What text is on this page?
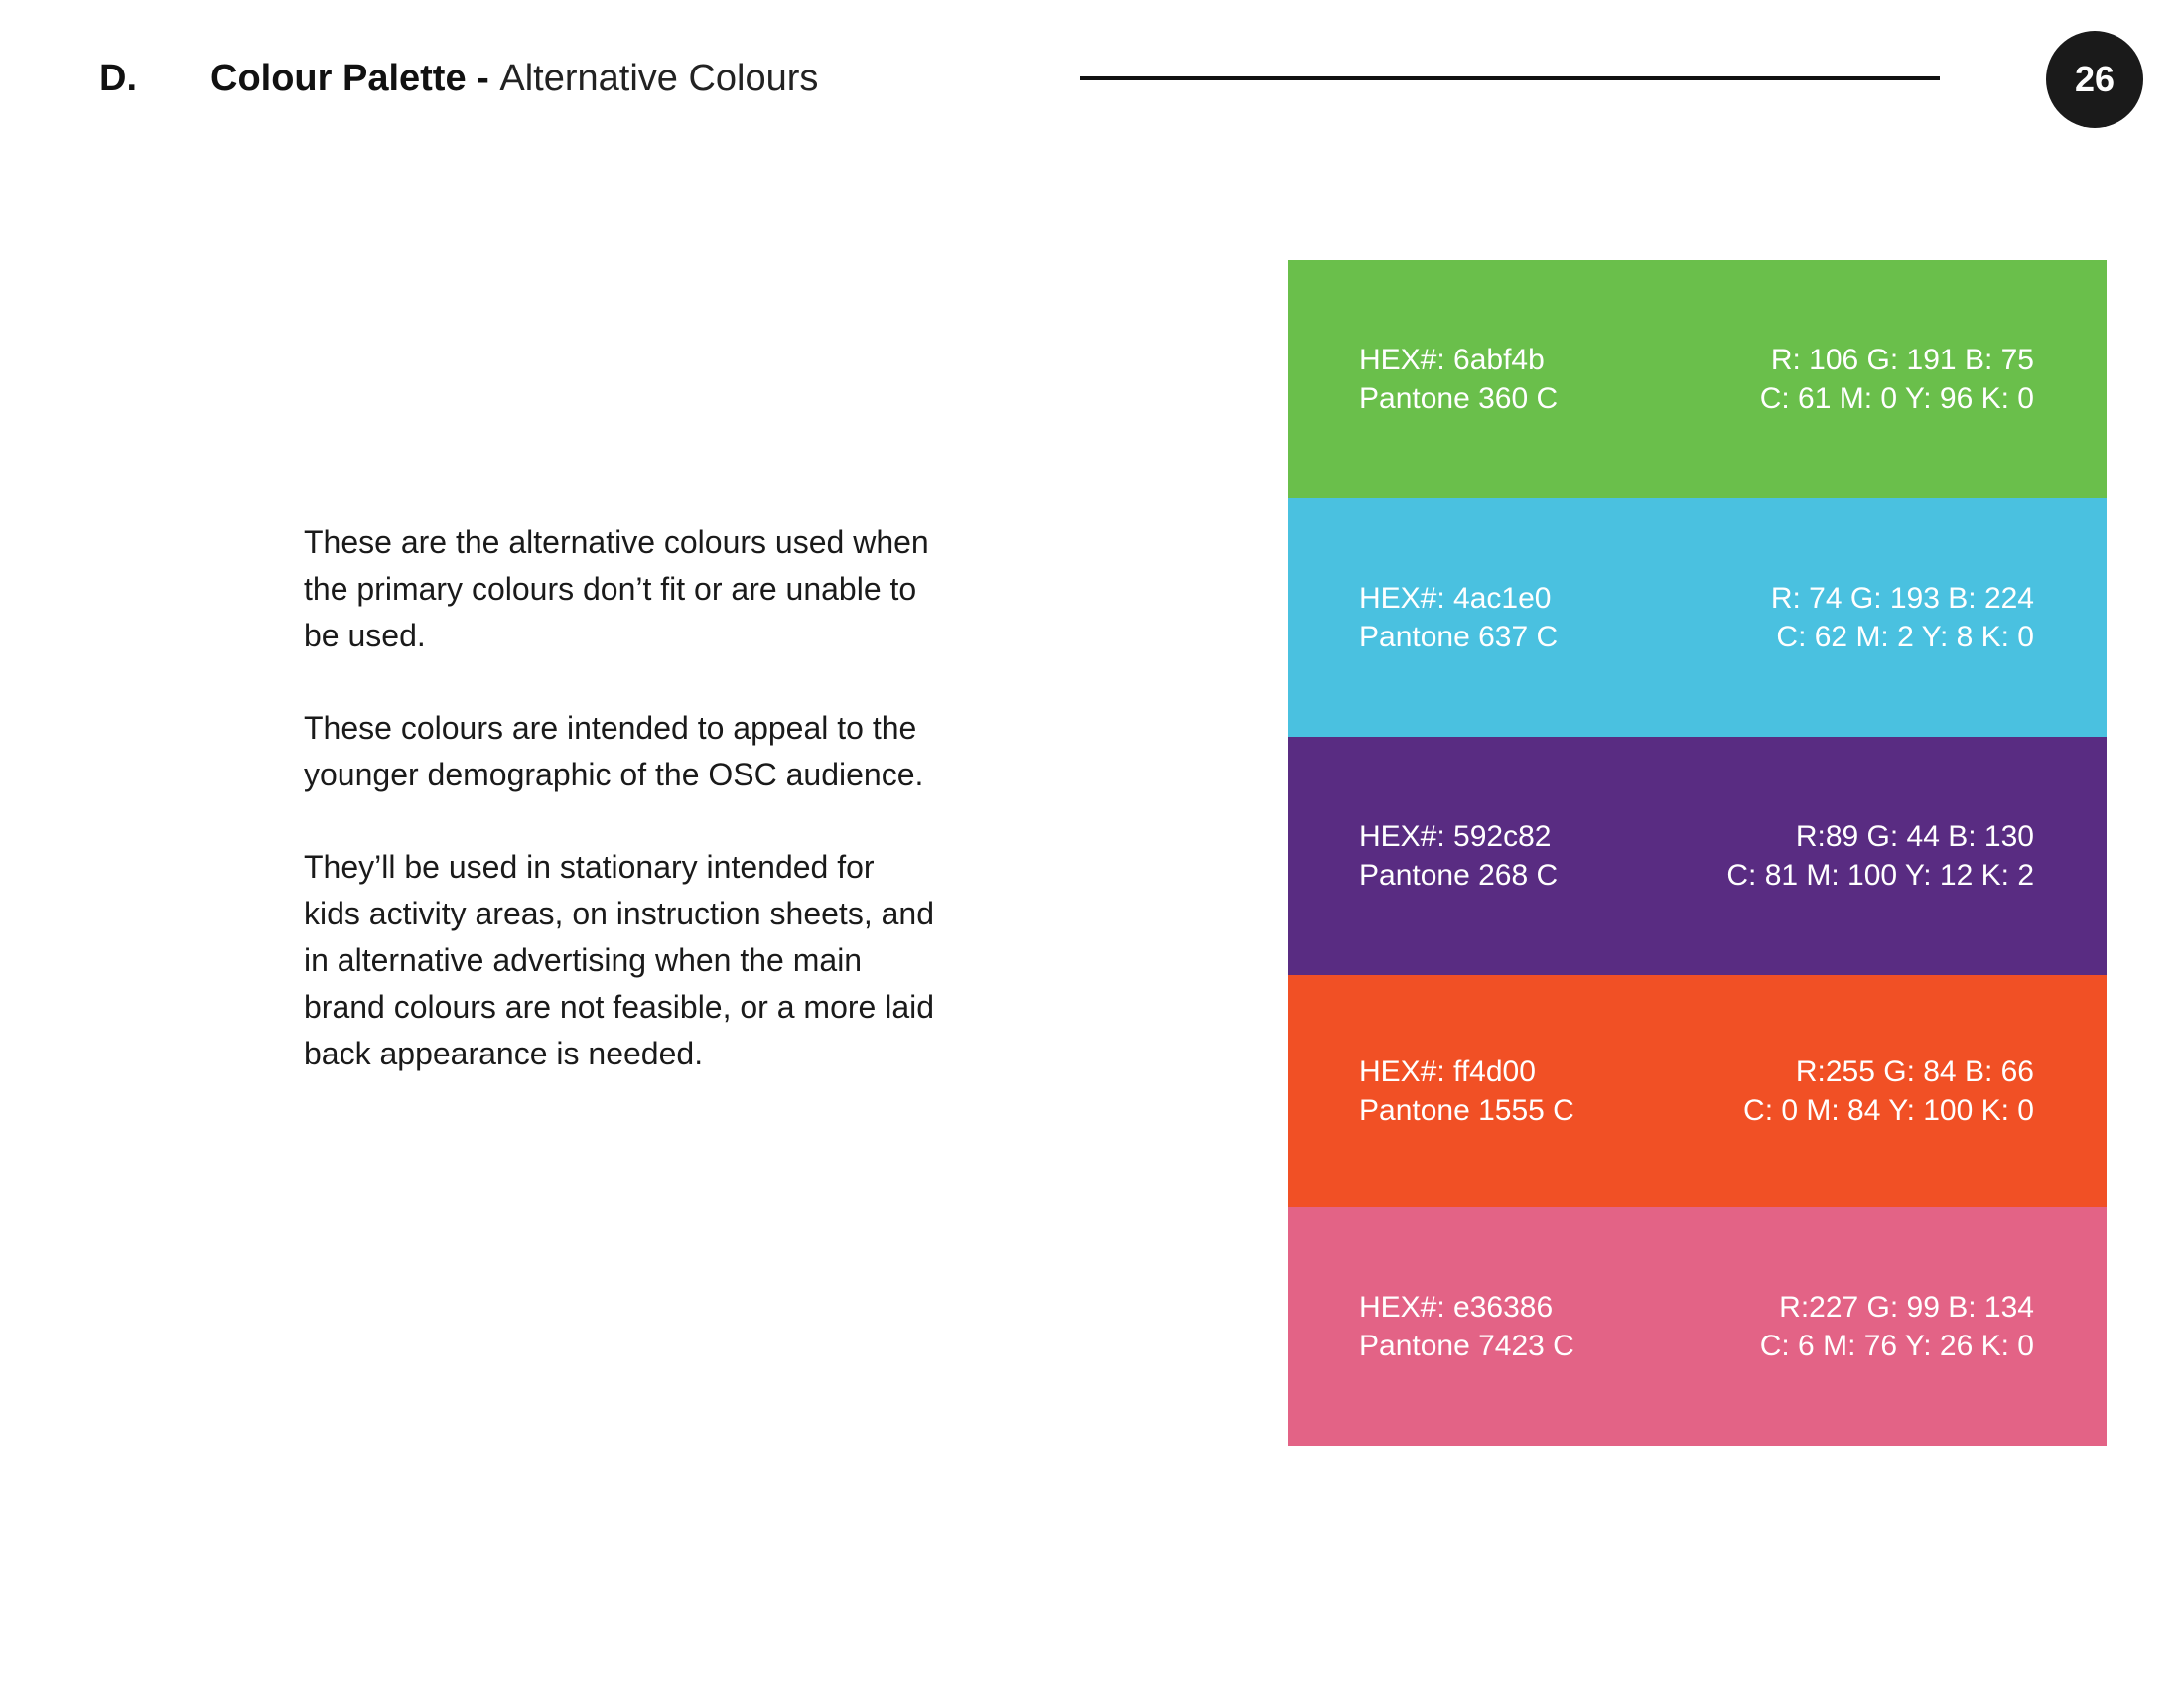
D. Colour Palette - Alternative Colours	26

These are the alternative colours used when the primary colours don’t fit or are unable to be used.

These colours are intended to appeal to the younger demographic of the OSC audience.

They’ll be used in stationary intended for kids activity areas, on instruction sheets, and in alternative advertising when the main brand colours are not feasible, or a more laid back appearance is needed.

HEX#: 6abf4b
Pantone 360 C
R: 106 G: 191 B: 75
C: 61 M: 0 Y: 96 K: 0
HEX#: 4ac1e0
Pantone 637 C
R: 74 G: 193 B: 224
C: 62 M: 2 Y: 8 K: 0
HEX#: 592c82
Pantone 268 C
R:89 G: 44 B: 130
C: 81 M: 100 Y: 12 K: 2
HEX#: ff4d00
Pantone 1555 C
R:255 G: 84 B: 66
C: 0 M: 84 Y: 100 K: 0
HEX#: e36386
Pantone 7423 C
R:227 G: 99 B: 134
C: 6 M: 76 Y: 26 K: 0
